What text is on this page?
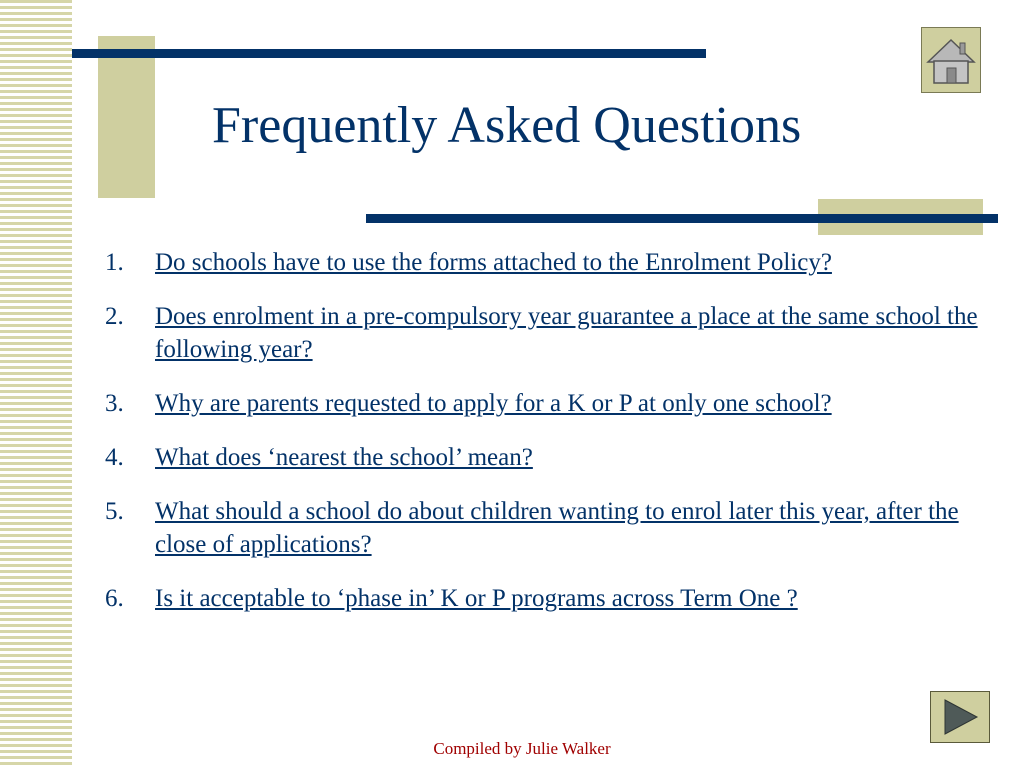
Frequently Asked Questions
1.	Do schools have to use the forms attached to the Enrolment Policy?
2.	Does enrolment in a pre-compulsory year guarantee a place at the same school the following year?
3.	Why are parents requested to apply for a K or P at only one school?
4.	What does ‘nearest the school’ mean?
5.	What should a school do about children wanting to enrol later this year, after the close of applications?
6.	Is it acceptable to ‘phase in’ K or P programs across Term One ?
Compiled by Julie Walker
